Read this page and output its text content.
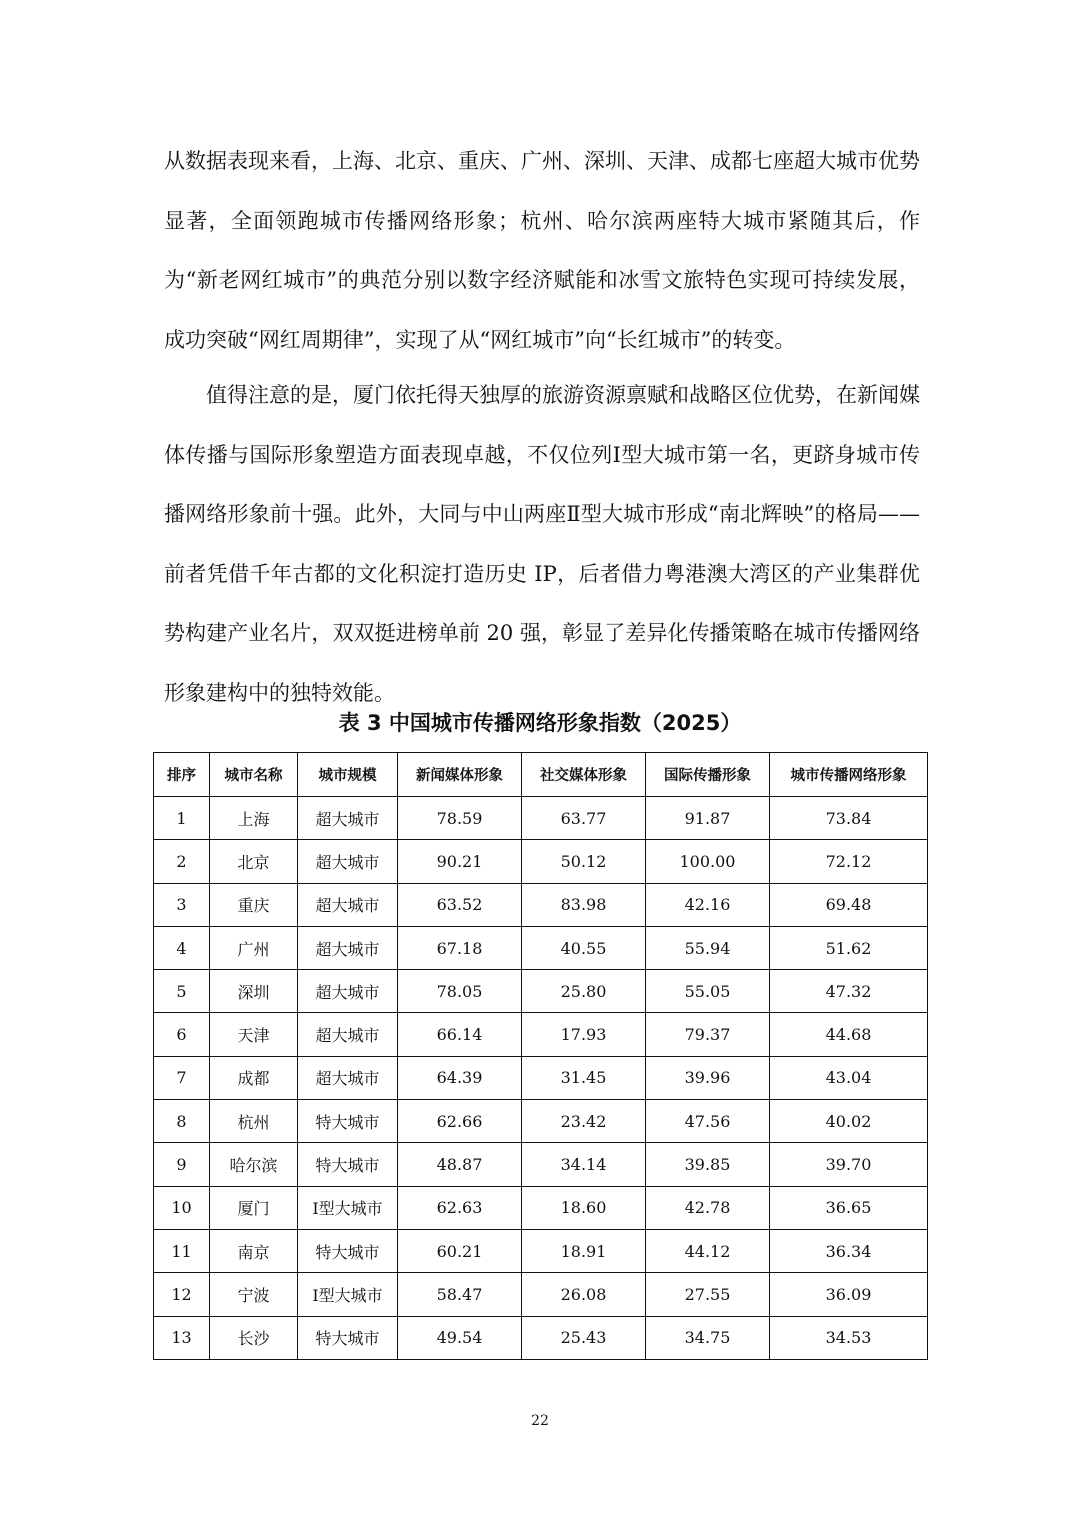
从数据表现来看，上海、北京、重庆、广州、深圳、天津、成都七座超大城市优势显著，全面领跑城市传播网络形象；杭州、哈尔滨两座特大城市紧随其后，作为“新老网红城市”的典范分别以数字经济赋能和冰雪文旅特色实现可持续发展，成功突破“网红周期律”，实现了从“网红城市”向“长红城市”的转变。

值得注意的是，厦门依托得天独厚的旅游资源禀赋和战略区位优势，在新闻媒体传播与国际形象塑造方面表现卓越，不仅位列Ⅰ型大城市第一名，更跻身城市传播网络形象前十强。此外，大同与中山两座Ⅱ型大城市形成“南北辉映”的格局——前者凭借千年古都的文化积淀打造历史 IP，后者借力粤港澳大湾区的产业集群优势构建产业名片，双双挺进榜单前 20 强，彰显了差异化传播策略在城市传播网络形象建构中的独特效能。

表 3 中国城市传播网络形象指数（2025）
排序	城市名称	城市规模	新闻媒体形象	社交媒体形象	国际传播形象	城市传播网络形象
1	上海	超大城市	78.59	63.77	91.87	73.84
2	北京	超大城市	90.21	50.12	100.00	72.12
3	重庆	超大城市	63.52	83.98	42.16	69.48
4	广州	超大城市	67.18	40.55	55.94	51.62
5	深圳	超大城市	78.05	25.80	55.05	47.32
6	天津	超大城市	66.14	17.93	79.37	44.68
7	成都	超大城市	64.39	31.45	39.96	43.04
8	杭州	特大城市	62.66	23.42	47.56	40.02
9	哈尔滨	特大城市	48.87	34.14	39.85	39.70
10	厦门	Ⅰ型大城市	62.63	18.60	42.78	36.65
11	南京	特大城市	60.21	18.91	44.12	36.34
12	宁波	Ⅰ型大城市	58.47	26.08	27.55	36.09
13	长沙	特大城市	49.54	25.43	34.75	34.53
22
